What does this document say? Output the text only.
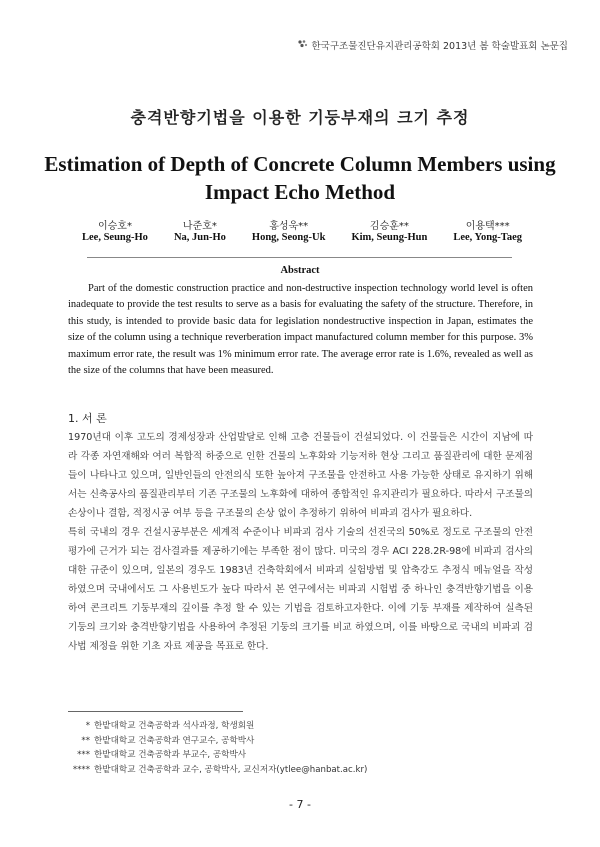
한국구조물진단유지관리공학회 2013년 봄 학술발표회 논문집
충격반향기법을 이용한 기둥부재의 크기 추정
Estimation of Depth of Concrete Column Members using
Impact Echo Method
이승호*
Lee, Seung-Ho
나준호*
Na, Jun-Ho
홍성욱**
Hong, Seong-Uk
김승훈**
Kim, Seung-Hun
이용택***
Lee, Yong-Taeg
Abstract

Part of the domestic construction practice and non-destructive inspection technology world level is often inadequate to provide the test results to serve as a basis for evaluating the safety of the structure. Therefore, in this study, is intended to provide basic data for legislation nondestructive inspection in Japan, estimates the size of the column using a technique reverberation impact manufactured column member for this purpose. 3% maximum error rate, the result was 1% minimum error rate. The average error rate is 1.6%, revealed as well as the size of the columns that have been measured.

1. 서 론

1970년대 이후 고도의 경제성장과 산업발달로 인해 고층 건물들이 건설되었다. 이 건물들은 시간이 지남에 따라 각종 자연재해와 여러 복합적 하중으로 인한 건물의 노후화와 기능저하 현상 그리고 품질관리에 대한 문제점들이 나타나고 있으며, 일반인들의 안전의식 또한 높아져 구조물을 안전하고 사용 가능한 상태로 유지하기 위해서는 신축공사의 품질관리부터 기존 구조물의 노후화에 대하여 종합적인 유지관리가 필요하다. 따라서 구조물의 손상이나 결함, 적정시공 여부 등을 구조물의 손상 없이 추정하기 위하여 비파괴 검사가 필요하다.

특히 국내의 경우 건설시공부분은 세계적 수준이나 비파괴 검사 기술의 선진국의 50%로 정도로 구조물의 안전평가에 근거가 되는 검사결과를 제공하기에는 부족한 점이 많다. 미국의 경우 ACI 228.2R-98에 비파괴 검사의 대한 규준이 있으며, 일본의 경우도 1983년 건축학회에서 비파괴 실험방법 및 압축강도 추정식 메뉴얼을 작성 하였으며 국내에서도 그 사용빈도가 높다 따라서 본 연구에서는 비파괴 시험법 중 하나인 충격반향기법을 이용하여 콘크리트 기둥부재의 깊이를 추정 할 수 있는 기법을 검토하고자한다. 이에 기둥 부재를 제작하여 실측된 기둥의 크기와 충격반향기법을 사용하여 추정된 기둥의 크기를 비교 하였으며, 이를 바탕으로 국내의 비파괴 검사법 제정을 위한 기초 자료 제공을 목표로 한다.

* 한밭대학교 건축공학과 석사과정, 학생회원
** 한밭대학교 건축공학과 연구교수, 공학박사
*** 한밭대학교 건축공학과 부교수, 공학박사
**** 한밭대학교 건축공학과 교수, 공학박사, 교신저자(ytlee@hanbat.ac.kr)
- 7 -
